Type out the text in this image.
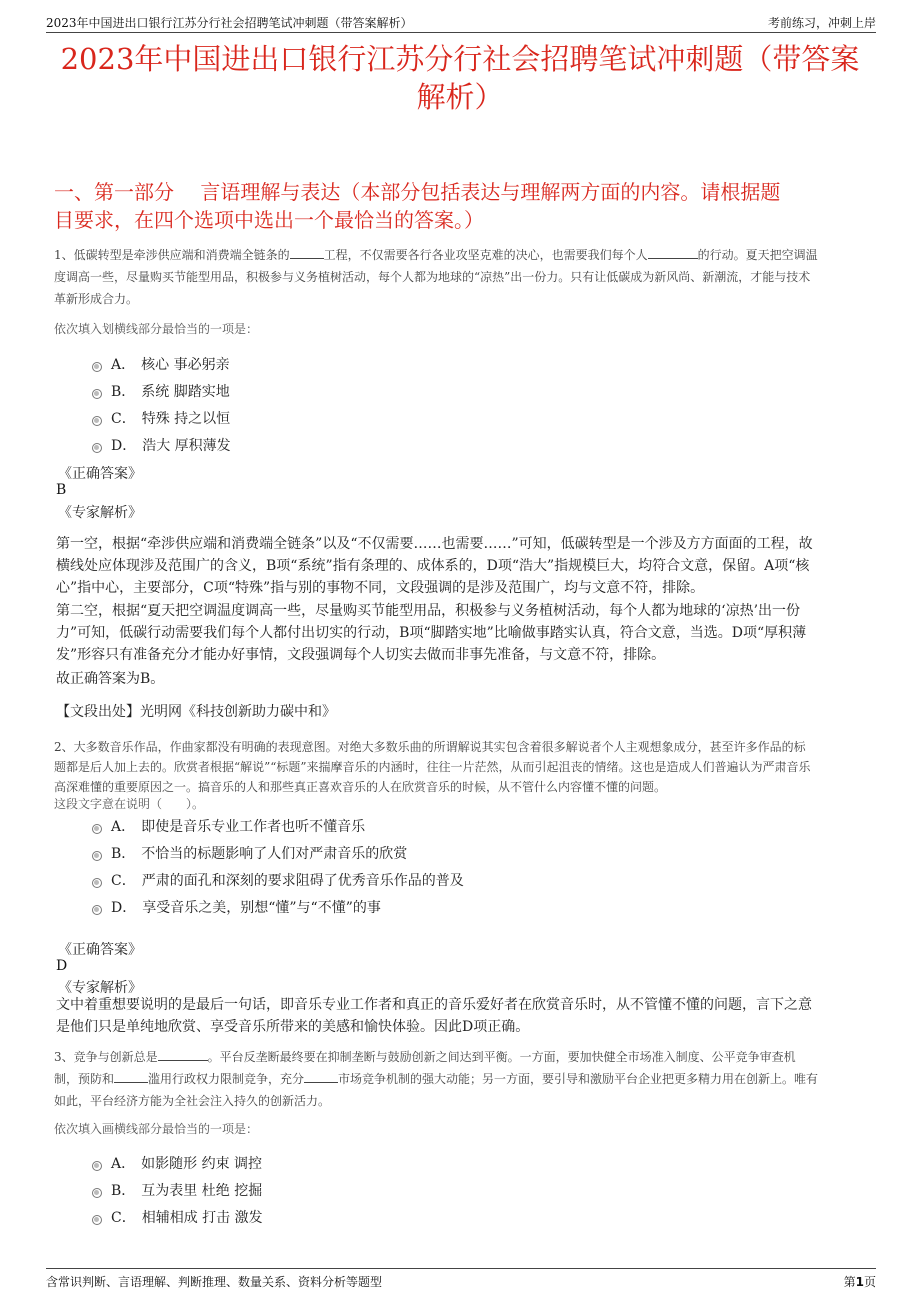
2023年中国进出口银行江苏分行社会招聘笔试冲刺题（带答案解析）	考前练习，冲刺上岸
2023年中国进出口银行江苏分行社会招聘笔试冲刺题（带答案
解析）
一、第一部分　 言语理解与表达（本部分包括表达与理解两方面的内容。请根据题
目要求，在四个选项中选出一个最恰当的答案。）
1、低碳转型是牵涉供应端和消费端全链条的	工程，不仅需要各行各业攻坚克难的决心，也需要我们每个人	的行动。夏天把空调温
度调高一些，尽量购买节能型用品，积极参与义务植树活动，每个人都为地球的“凉热”出一份力。只有让低碳成为新风尚、新潮流，才能与技术
革新形成合力。
依次填入划横线部分最恰当的一项是：
A． 核心 事必躬亲
B． 系统 脚踏实地
C． 特殊 持之以恒
D． 浩大 厚积薄发
《正确答案》
B
《专家解析》
第一空，根据“牵涉供应端和消费端全链条”以及“不仅需要……也需要……”可知，低碳转型是一个涉及方方面面的工程，故
横线处应体现涉及范围广的含义，B项“系统”指有条理的、成体系的，D项“浩大”指规模巨大，均符合文意，保留。A项“核
心”指中心，主要部分，C项“特殊”指与别的事物不同，文段强调的是涉及范围广，均与文意不符，排除。
第二空，根据“夏天把空调温度调高一些，尽量购买节能型用品，积极参与义务植树活动，每个人都为地球的‘凉热’出一份
力”可知，低碳行动需要我们每个人都付出切实的行动，B项“脚踏实地”比喻做事踏实认真，符合文意，当选。D项“厚积薄
发”形容只有准备充分才能办好事情，文段强调每个人切实去做而非事先准备，与文意不符，排除。
故正确答案为B。
【文段出处】光明网《科技创新助力碳中和》
2、大多数音乐作品，作曲家都没有明确的表现意图。对绝大多数乐曲的所谓解说其实包含着很多解说者个人主观想象成分，甚至许多作品的标
题都是后人加上去的。欣赏者根据“解说”“标题”来揣摩音乐的内涵时，往往一片茫然，从而引起沮丧的情绪。这也是造成人们普遍认为严肃音乐
高深难懂的重要原因之一。搞音乐的人和那些真正喜欢音乐的人在欣赏音乐的时候，从不管什么内容懂不懂的问题。
这段文字意在说明（　　）。
A． 即使是音乐专业工作者也听不懂音乐
B． 不恰当的标题影响了人们对严肃音乐的欣赏
C． 严肃的面孔和深刻的要求阻碍了优秀音乐作品的普及
D． 享受音乐之美，别想“懂”与“不懂”的事
《正确答案》
D
《专家解析》
文中着重想要说明的是最后一句话，即音乐专业工作者和真正的音乐爱好者在欣赏音乐时，从不管懂不懂的问题，言下之意
是他们只是单纯地欣赏、享受音乐所带来的美感和愉快体验。因此D项正确。
3、竞争与创新总是	。平台反垄断最终要在抑制垄断与鼓励创新之间达到平衡。一方面，要加快健全市场准入制度、公平竞争审查机
制，预防和	滥用行政权力限制竞争，充分	市场竞争机制的强大动能；另一方面，要引导和激励平台企业把更多精力用在创新上。唯有
如此，平台经济方能为全社会注入持久的创新活力。
依次填入画横线部分最恰当的一项是：
A． 如影随形 约束 调控
B． 互为表里 杜绝 挖掘
C． 相辅相成 打击 激发
含常识判断、言语理解、判断推理、数量关系、资料分析等题型	第1页
